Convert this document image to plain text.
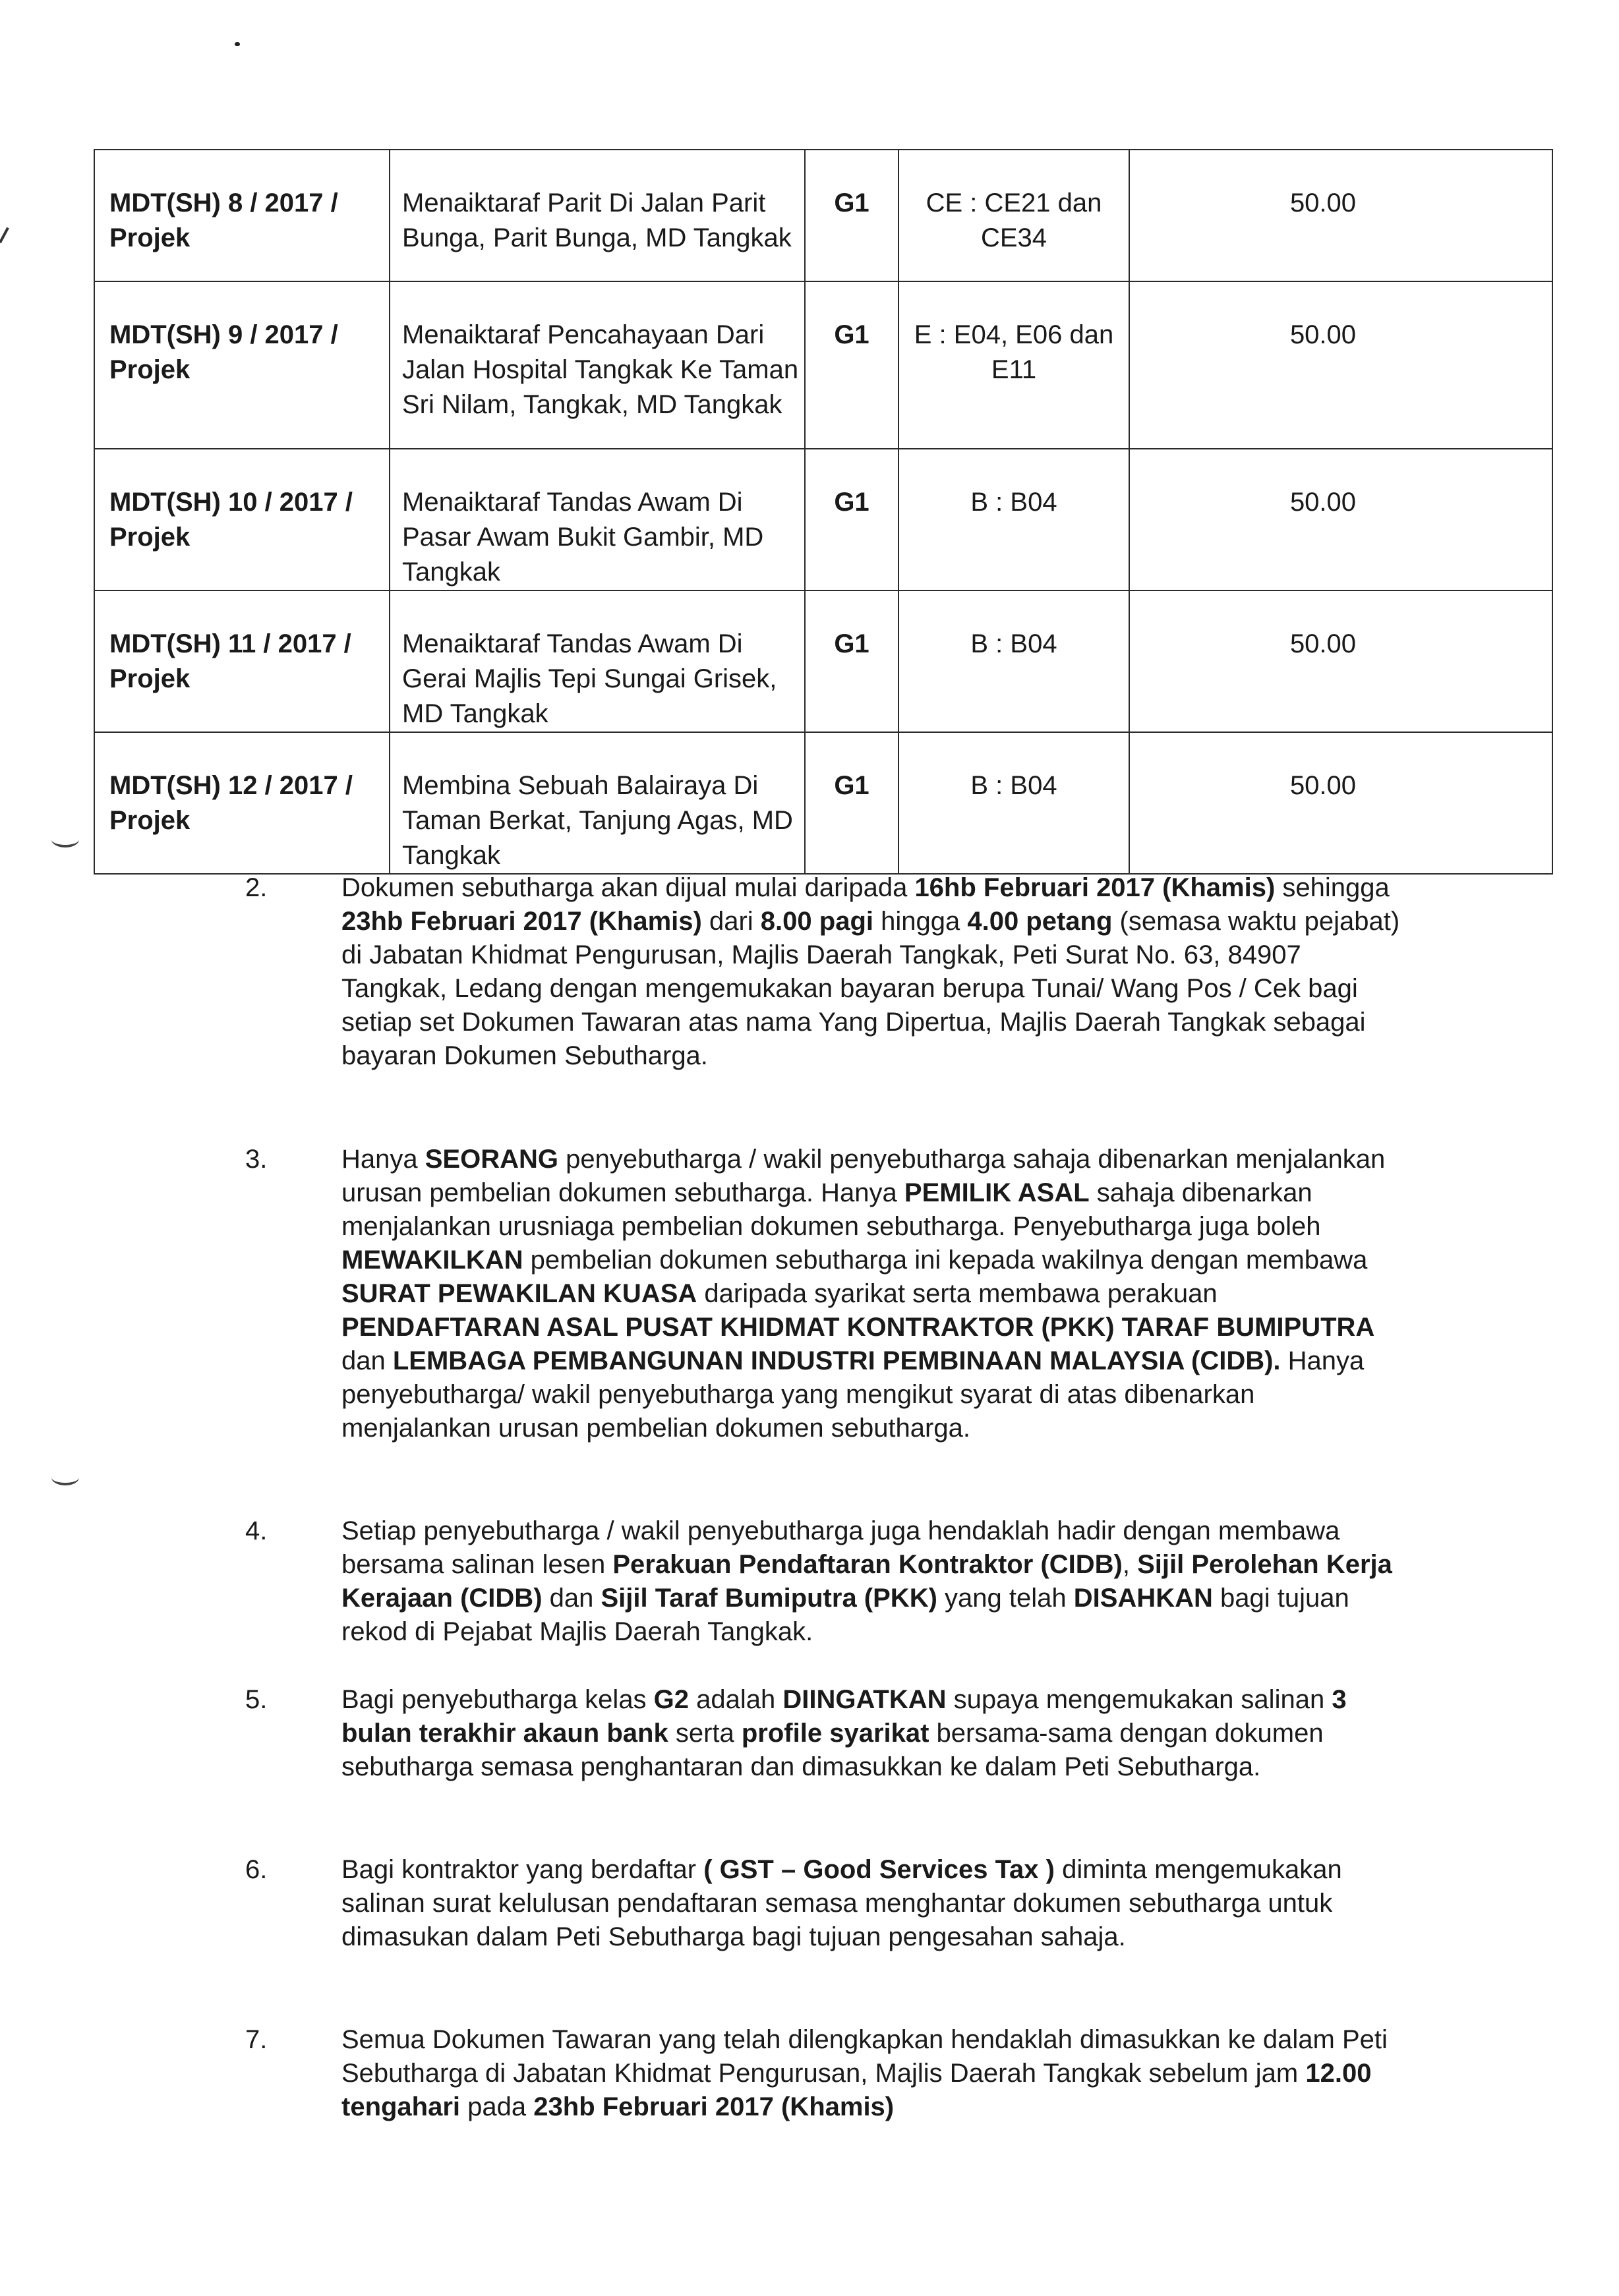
MDT(SH) 8 / 2017 / Projek	Menaiktaraf Parit Di Jalan Parit Bunga, Parit Bunga, MD Tangkak	G1	CE : CE21 dan CE34	50.00

MDT(SH) 9 / 2017 / Projek	Menaiktaraf Pencahayaan Dari Jalan Hospital Tangkak Ke Taman Sri Nilam, Tangkak, MD Tangkak	G1	E : E04, E06 dan E11	50.00

MDT(SH) 10 / 2017 / Projek	Menaiktaraf Tandas Awam Di Pasar Awam Bukit Gambir, MD Tangkak	G1	B : B04	50.00

MDT(SH) 11 / 2017 / Projek	Menaiktaraf Tandas Awam Di Gerai Majlis Tepi Sungai Grisek, MD Tangkak	G1	B : B04	50.00

MDT(SH) 12 / 2017 / Projek	Membina Sebuah Balairaya Di Taman Berkat, Tanjung Agas, MD Tangkak	G1	B : B04	50.00
2.	Dokumen sebutharga akan dijual mulai daripada 16hb Februari 2017 (Khamis) sehingga 23hb Februari 2017 (Khamis) dari 8.00 pagi hingga 4.00 petang (semasa waktu pejabat) di Jabatan Khidmat Pengurusan, Majlis Daerah Tangkak, Peti Surat No. 63, 84907 Tangkak, Ledang dengan mengemukakan bayaran berupa Tunai/ Wang Pos / Cek bagi setiap set Dokumen Tawaran atas nama Yang Dipertua, Majlis Daerah Tangkak sebagai bayaran Dokumen Sebutharga.
3.	Hanya SEORANG penyebutharga / wakil penyebutharga sahaja dibenarkan menjalankan urusan pembelian dokumen sebutharga. Hanya PEMILIK ASAL sahaja dibenarkan menjalankan urusniaga pembelian dokumen sebutharga. Penyebutharga juga boleh MEWAKILKAN pembelian dokumen sebutharga ini kepada wakilnya dengan membawa SURAT PEWAKILAN KUASA daripada syarikat serta membawa perakuan PENDAFTARAN ASAL PUSAT KHIDMAT KONTRAKTOR (PKK) TARAF BUMIPUTRA dan LEMBAGA PEMBANGUNAN INDUSTRI PEMBINAAN MALAYSIA (CIDB). Hanya penyebutharga/ wakil penyebutharga yang mengikut syarat di atas dibenarkan menjalankan urusan pembelian dokumen sebutharga.
4.	Setiap penyebutharga / wakil penyebutharga juga hendaklah hadir dengan membawa bersama salinan lesen Perakuan Pendaftaran Kontraktor (CIDB), Sijil Perolehan Kerja Kerajaan (CIDB) dan Sijil Taraf Bumiputra (PKK) yang telah DISAHKAN bagi tujuan rekod di Pejabat Majlis Daerah Tangkak.
5.	Bagi penyebutharga kelas G2 adalah DIINGATKAN supaya mengemukakan salinan 3 bulan terakhir akaun bank serta profile syarikat bersama-sama dengan dokumen sebutharga semasa penghantaran dan dimasukkan ke dalam Peti Sebutharga.
6.	Bagi kontraktor yang berdaftar ( GST – Good Services Tax ) diminta mengemukakan salinan surat kelulusan pendaftaran semasa menghantar dokumen sebutharga untuk dimasukan dalam Peti Sebutharga bagi tujuan pengesahan sahaja.
7.	Semua Dokumen Tawaran yang telah dilengkapkan hendaklah dimasukkan ke dalam Peti Sebutharga di Jabatan Khidmat Pengurusan, Majlis Daerah Tangkak sebelum jam 12.00 tengahari pada 23hb Februari 2017 (Khamis)
